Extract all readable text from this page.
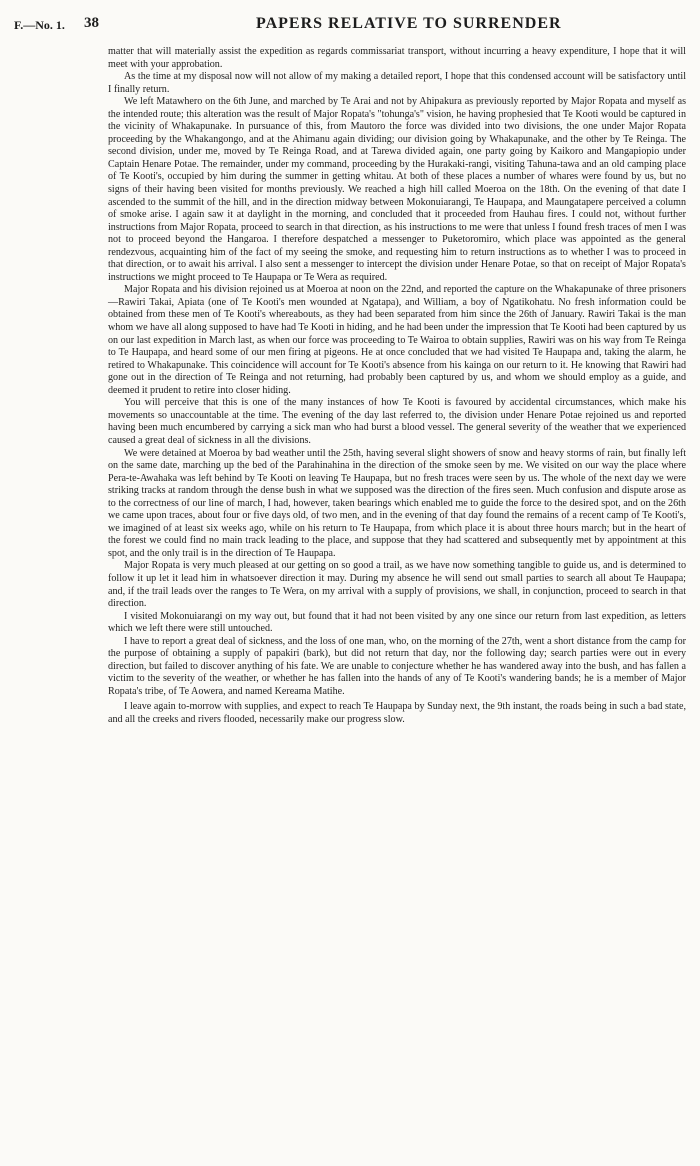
F.—No. 1. 38	PAPERS RELATIVE TO SURRENDER

matter that will materially assist the expedition as regards commissariat transport, without incurring a heavy expenditure, I hope that it will meet with your approbation.

As the time at my disposal now will not allow of my making a detailed report, I hope that this condensed account will be satisfactory until I finally return.

We left Matawhero on the 6th June, and marched by Te Arai and not by Ahipakura as previously reported by Major Ropata and myself as the intended route; this alteration was the result of Major Ropata's "tohunga's" vision, he having prophesied that Te Kooti would be captured in the vicinity of Whakapunake. In pursuance of this, from Mautoro the force was divided into two divisions, the one under Major Ropata proceeding by the Whakangongo, and at the Ahimanu again dividing; our division going by Whakapunake, and the other by Te Reinga. The second division, under me, moved by Te Reinga Road, and at Tarewa divided again, one party going by Kaikoro and Mangapiopio under Captain Henare Potae. The remainder, under my command, proceeding by the Hurakaki-rangi, visiting Tahuna-tawa and an old camping place of Te Kooti's, occupied by him during the summer in getting whitau. At both of these places a number of whares were found by us, but no signs of their having been visited for months previously. We reached a high hill called Moeroa on the 18th. On the evening of that date I ascended to the summit of the hill, and in the direction midway between Mokonuiarangi, Te Haupapa, and Maungatapere perceived a column of smoke arise. I again saw it at daylight in the morning, and concluded that it proceeded from Hauhau fires. I could not, without further instructions from Major Ropata, proceed to search in that direction, as his instructions to me were that unless I found fresh traces of men I was not to proceed beyond the Hangaroa. I therefore despatched a messenger to Puketoromiro, which place was appointed as the general rendezvous, acquainting him of the fact of my seeing the smoke, and requesting him to return instructions as to whether I was to proceed in that direction, or to await his arrival. I also sent a messenger to intercept the division under Henare Potae, so that on receipt of Major Ropata's instructions we might proceed to Te Haupapa or Te Wera as required.

Major Ropata and his division rejoined us at Moeroa at noon on the 22nd, and reported the capture on the Whakapunake of three prisoners—Rawiri Takai, Apiata (one of Te Kooti's men wounded at Ngatapa), and William, a boy of Ngatikohatu. No fresh information could be obtained from these men of Te Kooti's whereabouts, as they had been separated from him since the 26th of January. Rawiri Takai is the man whom we have all along supposed to have had Te Kooti in hiding, and he had been under the impression that Te Kooti had been captured by us on our last expedition in March last, as when our force was proceeding to Te Wairoa to obtain supplies, Rawiri was on his way from Te Reinga to Te Haupapa, and heard some of our men firing at pigeons. He at once concluded that we had visited Te Haupapa and, taking the alarm, he retired to Whakapunake. This coincidence will account for Te Kooti's absence from his kainga on our return to it. He knowing that Rawiri had gone out in the direction of Te Reinga and not returning, had probably been captured by us, and whom we should employ as a guide, and deemed it prudent to retire into closer hiding.

You will perceive that this is one of the many instances of how Te Kooti is favoured by accidental circumstances, which make his movements so unaccountable at the time. The evening of the day last referred to, the division under Henare Potae rejoined us and reported having been much encumbered by carrying a sick man who had burst a blood vessel. The general severity of the weather that we experienced caused a great deal of sickness in all the divisions.

We were detained at Moeroa by bad weather until the 25th, having several slight showers of snow and heavy storms of rain, but finally left on the same date, marching up the bed of the Parahinahina in the direction of the smoke seen by me. We visited on our way the place where Pera-te-Awahaka was left behind by Te Kooti on leaving Te Haupapa, but no fresh traces were seen by us. The whole of the next day we were striking tracks at random through the dense bush in what we supposed was the direction of the fires seen. Much confusion and dispute arose as to the correctness of our line of march, I had, however, taken bearings which enabled me to guide the force to the desired spot, and on the 26th we came upon traces, about four or five days old, of two men, and in the evening of that day found the remains of a recent camp of Te Kooti's, we imagined of at least six weeks ago, while on his return to Te Haupapa, from which place it is about three hours march; but in the heart of the forest we could find no main track leading to the place, and suppose that they had scattered and subsequently met by appointment at this spot, and the only trail is in the direction of Te Haupapa.

Major Ropata is very much pleased at our getting on so good a trail, as we have now something tangible to guide us, and is determined to follow it up let it lead him in whatsoever direction it may. During my absence he will send out small parties to search all about Te Haupapa; and, if the trail leads over the ranges to Te Wera, on my arrival with a supply of provisions, we shall, in conjunction, proceed to search in that direction.

I visited Mokonuiarangi on my way out, but found that it had not been visited by any one since our return from last expedition, as letters which we left there were still untouched.

I have to report a great deal of sickness, and the loss of one man, who, on the morning of the 27th, went a short distance from the camp for the purpose of obtaining a supply of papakiri (bark), but did not return that day, nor the following day; search parties were out in every direction, but failed to discover anything of his fate. We are unable to conjecture whether he has wandered away into the bush, and has fallen a victim to the severity of the weather, or whether he has fallen into the hands of any of Te Kooti's wandering bands; he is a member of Major Ropata's tribe, of Te Aowera, and named Kereama Matihe.

I leave again to-morrow with supplies, and expect to reach Te Haupapa by Sunday next, the 9th instant, the roads being in such a bad state, and all the creeks and rivers flooded, necessarily make our progress slow.
